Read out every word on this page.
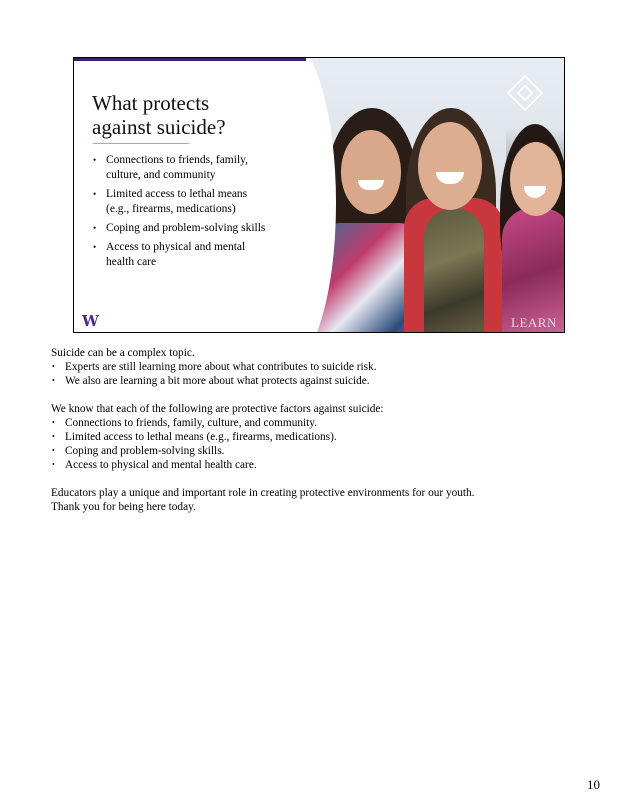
What protects
against suicide?
• Connections to friends, family,
culture, and community
• Limited access to lethal means
(e.g., firearms, medications)
• Coping and problem-solving skills
• Access to physical and mental
health care
W	LEARN

Suicide can be a complex topic.

• Experts are still learning more about what contributes to suicide risk.
• We also are learning a bit more about what protects against suicide.

We know that each of the following are protective factors against suicide:

• Connections to friends, family, culture, and community.
• Limited access to lethal means (e.g., firearms, medications).
• Coping and problem-solving skills.
• Access to physical and mental health care.

Educators play a unique and important role in creating protective environments for our youth.

Thank you for being here today.

10
